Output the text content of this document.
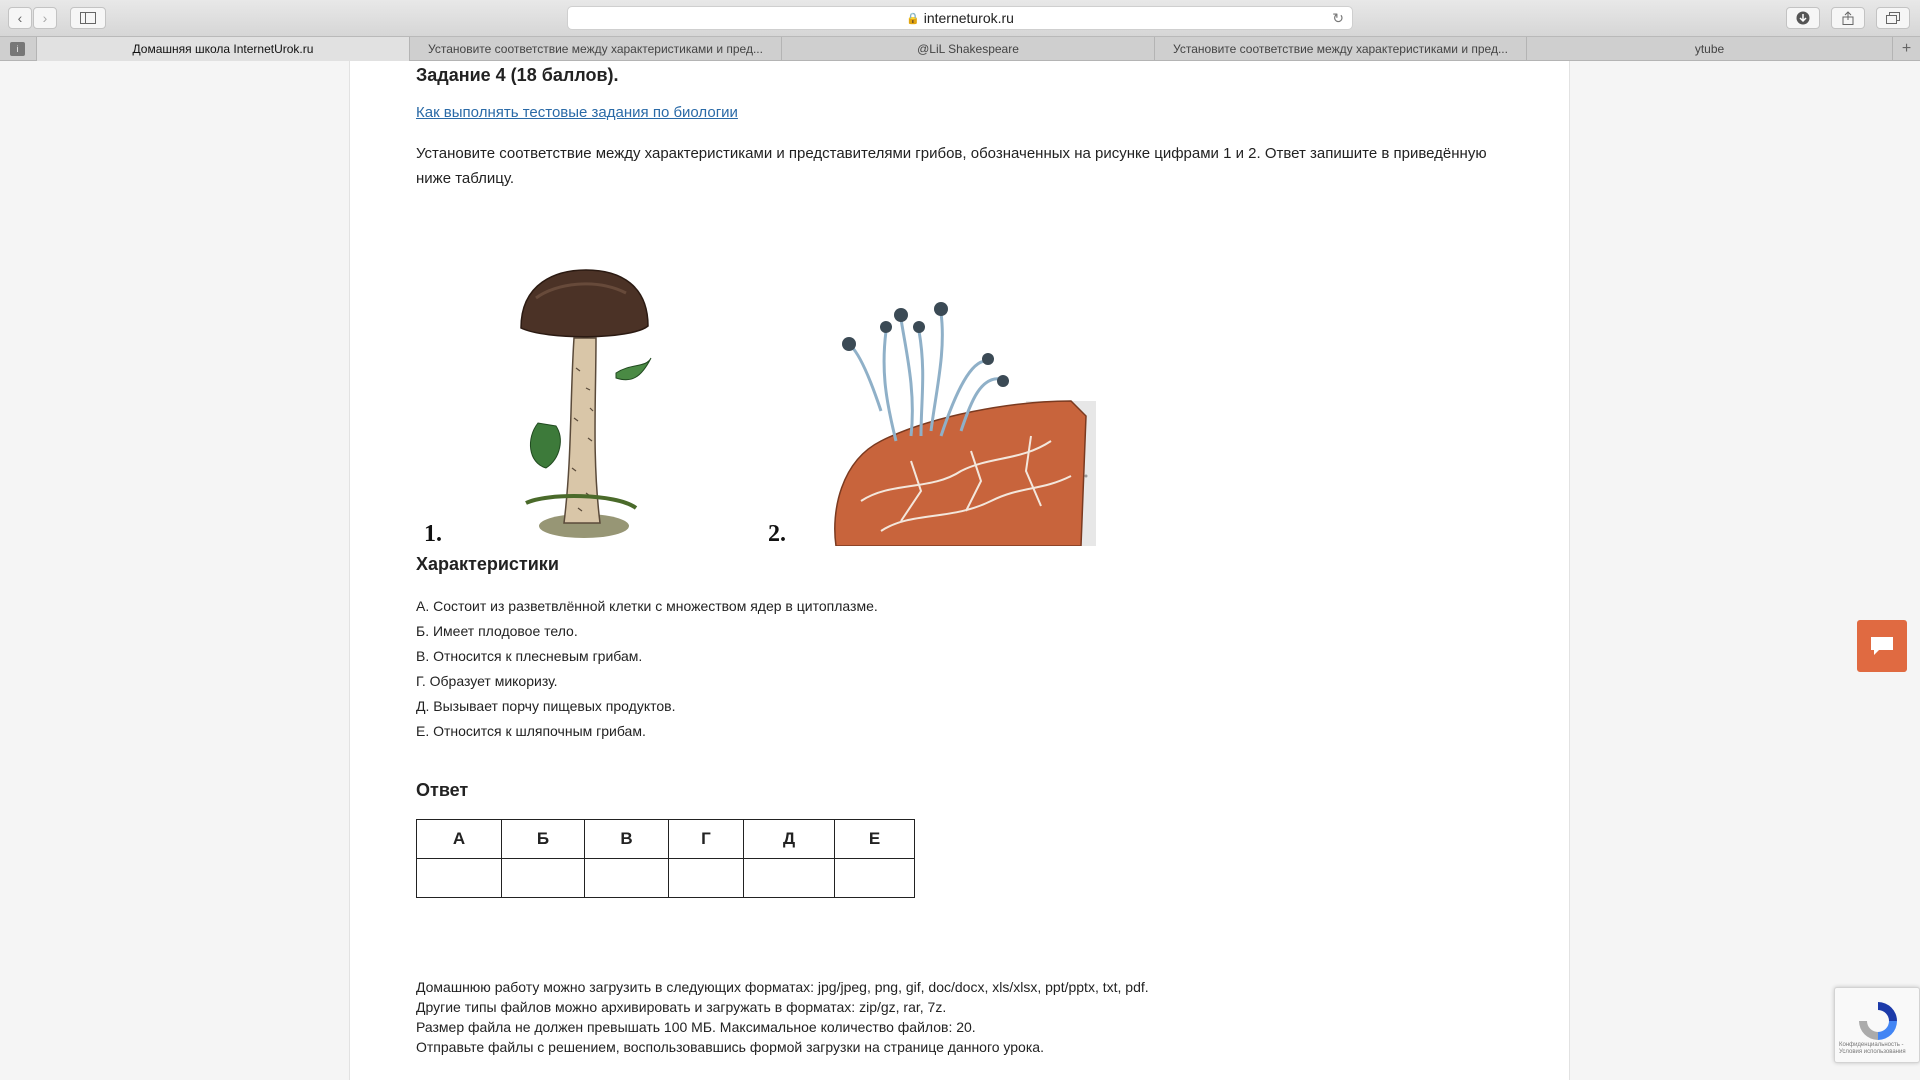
‹ ›	🔒 interneturok.ru	↻
i	Домашняя школа InternetUrok.ru	Установите соответствие между характеристиками и пред...	@LiL Shakespeare	Установите соответствие между характеристиками и пред...	ytube	+
Задание 4 (18 баллов).
Как выполнять тестовые задания по биологии
Установите соответствие между характеристиками и представителями грибов, обозначенных на рисунке цифрами 1 и 2. Ответ запишите в приведённую ниже таблицу.
1.	2.
Характеристики
А. Состоит из разветвлённой клетки с множеством ядер в цитоплазме.
Б. Имеет плодовое тело.
В. Относится к плесневым грибам.
Г. Образует микоризу.
Д. Вызывает порчу пищевых продуктов.
Е. Относится к шляпочным грибам.
Ответ
А	Б	В	Г	Д	Е

Домашнюю работу можно загрузить в следующих форматах: jpg/jpeg, png, gif, doc/docx, xls/xlsx, ppt/pptx, txt, pdf.
Другие типы файлов можно архивировать и загружать в форматах: zip/gz, rar, 7z.
Размер файла не должен превышать 100 МБ. Максимальное количество файлов: 20.
Отправьте файлы с решением, воспользовавшись формой загрузки на странице данного урока.	Конфиденциальность - Условия использования
